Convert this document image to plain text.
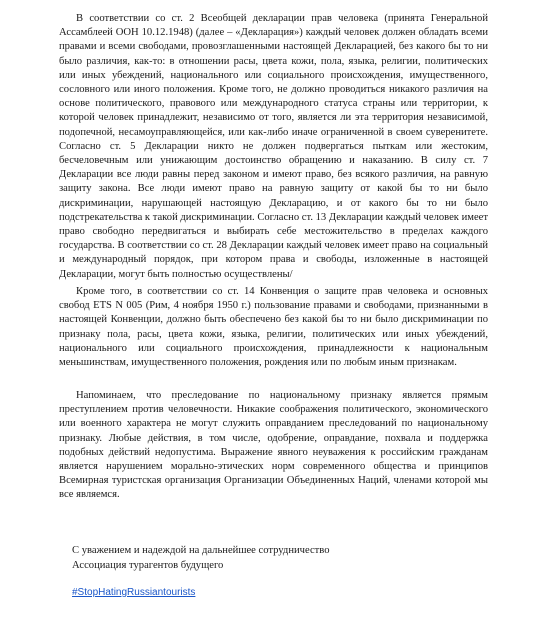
В соответствии со ст. 2 Всеобщей декларации прав человека (принята Генеральной Ассамблеей ООН 10.12.1948) (далее – «Декларация») каждый человек должен обладать всеми правами и всеми свободами, провозглашенными настоящей Декларацией, без какого бы то ни было различия, как-то: в отношении расы, цвета кожи, пола, языка, религии, политических или иных убеждений, национального или социального происхождения, имущественного, сословного или иного положения. Кроме того, не должно проводиться никакого различия на основе политического, правового или международного статуса страны или территории, к которой человек принадлежит, независимо от того, является ли эта территория независимой, подопечной, несамоуправляющейся, или как-либо иначе ограниченной в своем суверенитете. Согласно ст. 5 Декларации никто не должен подвергаться пыткам или жестоким, бесчеловечным или унижающим достоинство обращению и наказанию. В силу ст. 7 Декларации все люди равны перед законом и имеют право, без всякого различия, на равную защиту закона. Все люди имеют право на равную защиту от какой бы то ни было дискриминации, нарушающей настоящую Декларацию, и от какого бы то ни было подстрекательства к такой дискриминации. Согласно ст. 13 Декларации каждый человек имеет право свободно передвигаться и выбирать себе местожительство в пределах каждого государства. В соответствии со ст. 28 Декларации каждый человек имеет право на социальный и международный порядок, при котором права и свободы, изложенные в настоящей Декларации, могут быть полностью осуществлены/

Кроме того, в соответствии со ст. 14 Конвенция о защите прав человека и основных свобод ETS N 005 (Рим, 4 ноября 1950 г.) пользование правами и свободами, признанными в настоящей Конвенции, должно быть обеспечено без какой бы то ни было дискриминации по признаку пола, расы, цвета кожи, языка, религии, политических или иных убеждений, национального или социального происхождения, принадлежности к национальным меньшинствам, имущественного положения, рождения или по любым иным признакам.

Напоминаем, что преследование по национальному признаку является прямым преступлением против человечности. Никакие соображения политического, экономического или военного характера не могут служить оправданием преследований по национальному признаку. Любые действия, в том числе, одобрение, оправдание, похвала и поддержка подобных действий недопустима. Выражение явного неуважения к российским гражданам является нарушением морально-этических норм современного общества и принципов Всемирная туристская организация Организации Объединенных Наций, членами которой мы все являемся.

С уважением и надеждой на дальнейшее сотрудничество
Ассоциация турагентов будущего
#StopHatingRussiantourists
